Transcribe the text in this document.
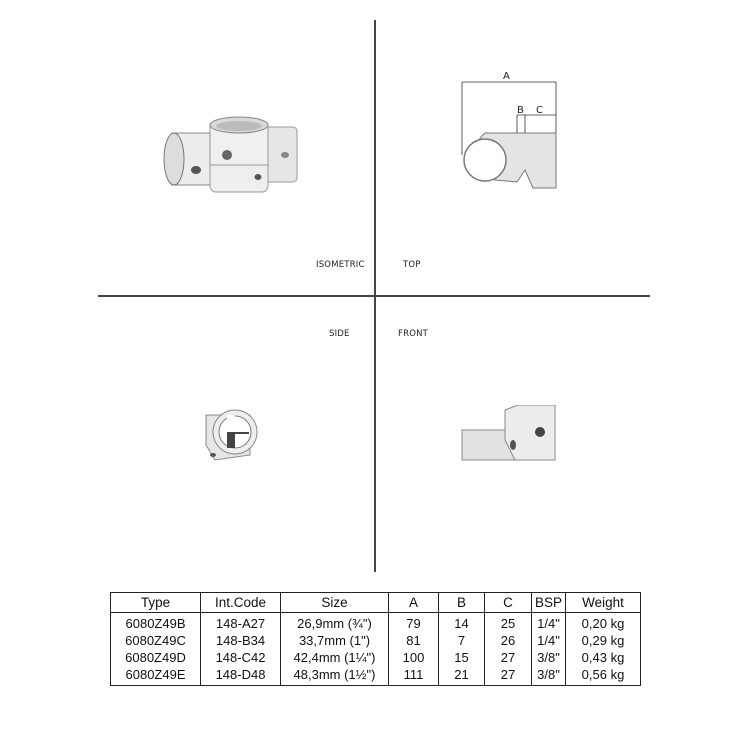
A
B C
ISOMETRIC	TOP
SIDE	FRONT
Type	Int.Code	Size	A	B	C	BSP	Weight
6080Z49B	148-A27	26,9mm (¾")	79	14	25	1/4"	0,20 kg
6080Z49C	148-B34	33,7mm (1")	81	7	26	1/4"	0,29 kg
6080Z49D	148-C42	42,4mm (1¼")	100	15	27	3/8"	0,43 kg
6080Z49E	148-D48	48,3mm (1½")	111	21	27	3/8"	0,56 kg
